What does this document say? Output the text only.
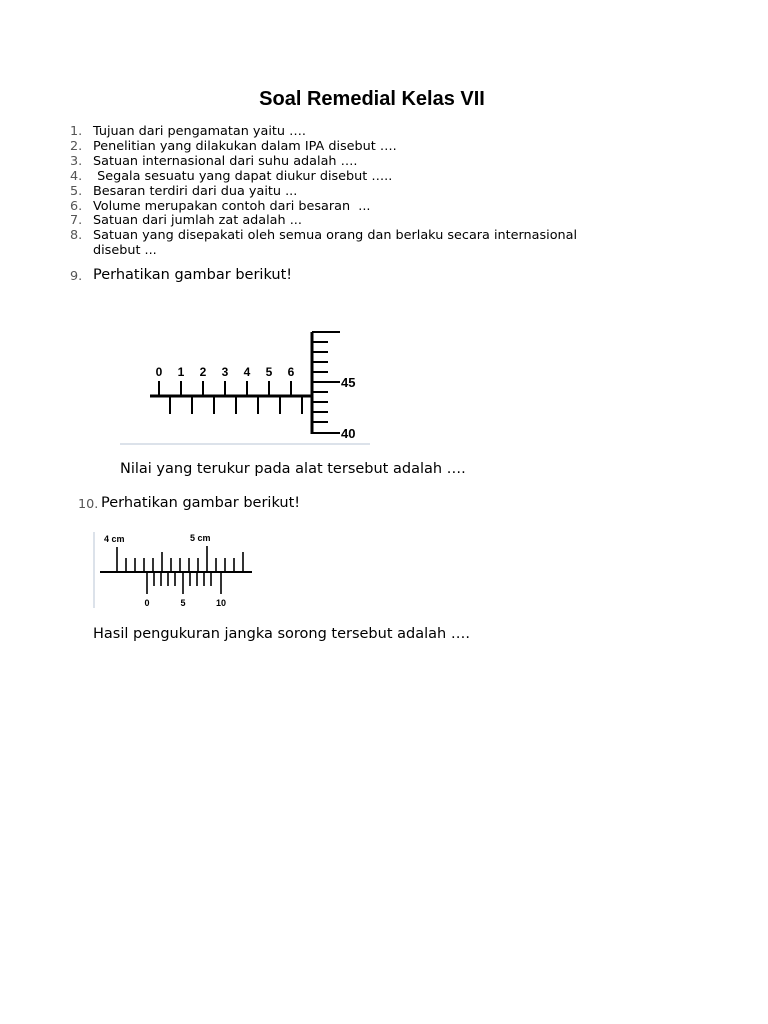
Soal Remedial Kelas VII
1. Tujuan dari pengamatan yaitu ….
2. Penelitian yang dilakukan dalam IPA disebut ….
3. Satuan internasional dari suhu adalah ….
4. Segala sesuatu yang dapat diukur disebut …..
5. Besaran terdiri dari dua yaitu ...
6. Volume merupakan contoh dari besaran  ...
7. Satuan dari jumlah zat adalah ...
8. Satuan yang disepakati oleh semua orang dan berlaku secara internasional disebut ...
9. Perhatikan gambar berikut!
0 1 2 3 4 5 6
45
40
Nilai yang terukur pada alat tersebut adalah ….
10. Perhatikan gambar berikut!
4 cm	5 cm
0	5	10
Hasil pengukuran jangka sorong tersebut adalah ….
